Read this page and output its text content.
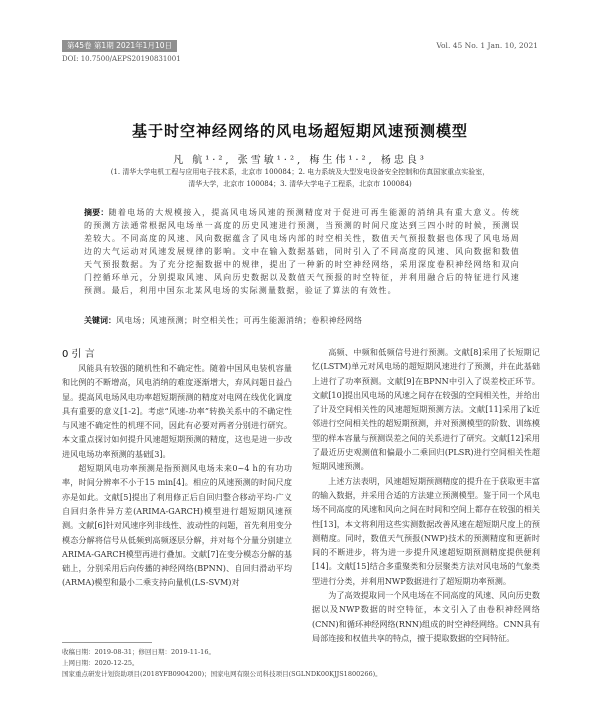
第45卷 第1期 2021年1月10日	Vol. 45 No. 1 Jan. 10, 2021
DOI: 10.7500/AEPS20190831001
基于时空神经网络的风电场超短期风速预测模型
凡 航¹·², 张雪敏¹·², 梅生伟¹·², 杨忠良³
(1. 清华大学电机工程与应用电子技术系，北京市 100084；2. 电力系统及大型发电设备安全控制和仿真国家重点实验室，
清华大学，北京市 100084；3. 清华大学电子工程系，北京市 100084)
摘要：随着电场的大规模接入，提高风电场风速的预测精度对于促进可再生能源的消纳具有重大意义。传统的预测方法通常根据风电场单一高度的历史风速进行预测，当预测的时间尺度达到三四小时的时候，预测误差较大。不同高度的风速、风向数据蕴含了风电场内部的时空相关性，数值天气预报数据也体现了风电场周边的大气运动对风速发展规律的影响。文中在输入数据基础，同时引入了不同高度的风速、风向数据和数值天气预报数据。为了充分挖掘数据中的规律，提出了一种新的时空神经网络，采用深度卷积神经网络和双向门控循环单元，分别提取风速、风向历史数据以及数值天气预报的时空特征，并利用融合后的特征进行风速预测。最后，利用中国东北某风电场的实际测量数据，验证了算法的有效性。
关键词：风电场；风速预测；时空相关性；可再生能源消纳；卷积神经网络
0 引 言

风能具有较强的随机性和不确定性。随着中国风电装机容量和比例的不断增高，风电消纳的难度逐渐增大，弃风问题日益凸显。提高风电场风电功率超短期预测的精度对电网在线优化调度具有重要的意义[1-2]。考虑“风速-功率”转换关系中的不确定性与风速不确定性的机理不同，因此有必要对两者分别进行研究。本文重点探讨如何提升风速超短期预测的精度，这也是进一步改进风电场功率预测的基础[3]。

超短期风电功率预测是指预测风电场未来0~4 h的有功功率，时间分辨率不小于15 min[4]。相应的风速预测的时间尺度亦是如此。文献[5]提出了利用修正后自回归整合移动平均-广义自回归条件异方差(ARIMA-GARCH)模型进行超短期风速预测。文献[6]针对风速序列非线性、波动性的问题，首先利用变分模态分解将信号从低频到高频逐层分解，并对每个分量分别建立ARIMA-GARCH模型再进行叠加。文献[7]在变分模态分解的基础上，分别采用后向传播的神经网络(BPNN)、自回归滑动平均(ARMA)模型和最小二乘支持向量机(LS-SVM)对

高频、中频和低频信号进行预测。文献[8]采用了长短期记忆(LSTM)单元对风电场的超短期风速进行了预测，并在此基础上进行了功率预测。文献[9]在BPNN中引入了误差校正环节。文献[10]提出风电场的风速之间存在较强的空间相关性，并给出了计及空间相关性的风速超短期预测方法。文献[11]采用了k近邻进行空间相关性的超短期预测，并对预测模型的阶数、训练模型的样本容量与预测误差之间的关系进行了研究。文献[12]采用了最近历史观测值和偏最小二乘回归(PLSR)进行空间相关性超短期风速预测。

上述方法表明，风速超短期预测精度的提升在于获取更丰富的输入数据，并采用合适的方法建立预测模型。鉴于同一个风电场不同高度的风速和风向之间在时间和空间上都存在较强的相关性[13]，本文将利用这些实测数据改善风速在超短期尺度上的预测精度。同时，数值天气预报(NWP)技术的预测精度和更新时间的不断进步，将为进一步提升风速超短期预测精度提供便利[14]。文献[15]结合多重聚类和分层聚类方法对风电场的气象类型进行分类，并利用NWP数据进行了超短期功率预测。

为了高效提取同一个风电场在不同高度的风速、风向历史数据以及NWP数据的时空特征，本文引入了由卷积神经网络(CNN)和循环神经网络(RNN)组成的时空神经网络。CNN具有局部连接和权值共享的特点，擅于提取数据的空间特征。

收稿日期：2019-08-31；修回日期：2019-11-16。
上网日期：2020-12-25。
国家重点研发计划资助项目(2018YFB0904200)；国家电网有限公司科技项目(SGLNDK00KJJS1800266)。
